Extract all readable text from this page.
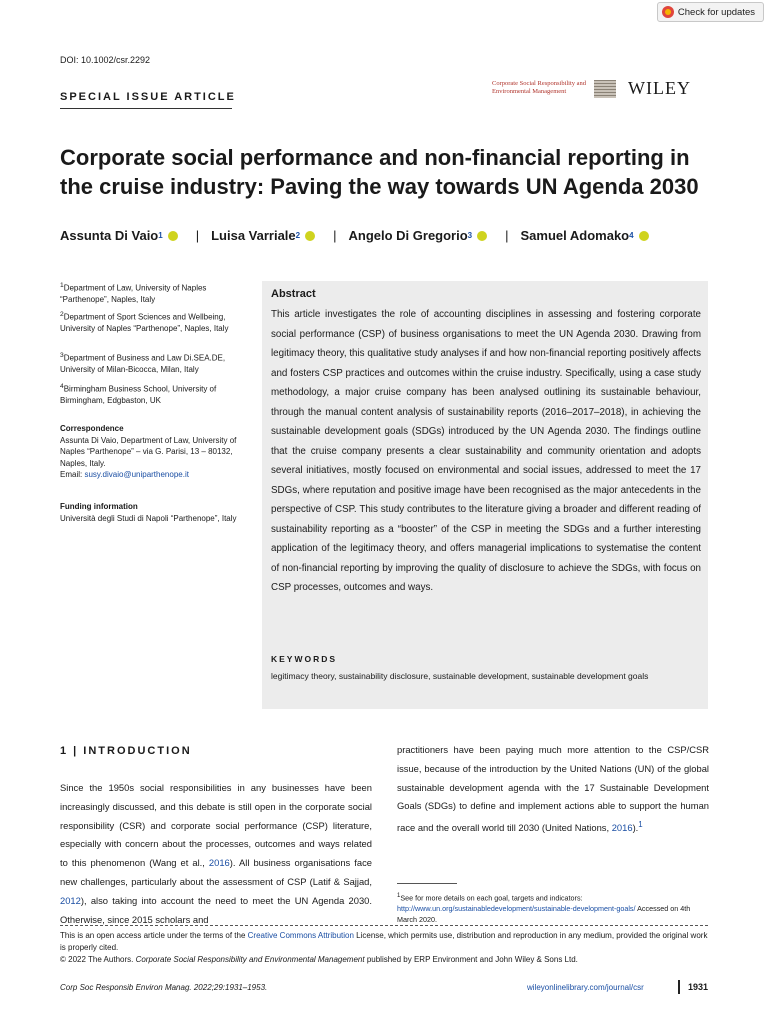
DOI: 10.1002/csr.2292
Check for updates
SPECIAL ISSUE ARTICLE
Corporate Social Responsibility and Environmental Management	WILEY
Corporate social performance and non-financial reporting in the cruise industry: Paving the way towards UN Agenda 2030
Assunta Di Vaio 1	| Luisa Varriale 2	| Angelo Di Gregorio 3	| Samuel Adomako 4
$^1$Department of Law, University of Naples “Parthenope”, Naples, Italy
$^2$Department of Sport Sciences and Wellbeing, University of Naples “Parthenope”, Naples, Italy
$^3$Department of Business and Law Di.SEA.DE, University of Milan-Bicocca, Milan, Italy
$^4$Birmingham Business School, University of Birmingham, Edgbaston, UK
Correspondence
Assunta Di Vaio, Department of Law, University of Naples “Parthenope” – via G. Parisi, 13 – 80132, Naples, Italy.
Email: susy.divaio@uniparthenope.it
Funding information
Università degli Studi di Napoli “Parthenope”, Italy
Abstract
This article investigates the role of accounting disciplines in assessing and fostering corporate social performance (CSP) of business organisations to meet the UN Agenda 2030. Drawing from legitimacy theory, this qualitative study analyses if and how non-financial reporting positively affects and fosters CSP practices and outcomes within the cruise industry. Specifically, using a case study methodology, a major cruise company has been analysed outlining its sustainable behaviour, through the manual content analysis of sustainability reports (2016–2017–2018), in achieving the sustainable development goals (SDGs) introduced by the UN Agenda 2030. The findings outline that the cruise company presents a clear sustainability and community orientation and adopts several initiatives, mostly focused on environmental and social issues, addressed to meet the 17 SDGs, where reputation and positive image have been recognised as the major antecedents in the perspective of CSP. This study contributes to the literature giving a broader and different reading of sustainability reporting as a “booster” of the CSP in meeting the SDGs and a further interesting application of the legitimacy theory, and offers managerial implications to systematise the content of non-financial reporting by improving the quality of disclosure to achieve the SDGs, with focus on CSP processes, outcomes and ways.
KEYWORDS
legitimacy theory, sustainability disclosure, sustainable development, sustainable development goals
1 | INTRODUCTION
Since the 1950s social responsibilities in any businesses have been increasingly discussed, and this debate is still open in the corporate social responsibility (CSR) and corporate social performance (CSP) literature, especially with concern about the processes, outcomes and ways related to this phenomenon (Wang et al., 2016). All business organisations face new challenges, particularly about the assessment of CSP (Latif & Sajjad, 2012), also taking into account the need to meet the UN Agenda 2030. Otherwise, since 2015 scholars and
practitioners have been paying much more attention to the CSP/CSR issue, because of the introduction by the United Nations (UN) of the global sustainable development agenda with the 17 Sustainable Development Goals (SDGs) to define and implement actions able to support the human race and the overall world till 2030 (United Nations, 2016).$^1$
$^1$See for more details on each goal, targets and indicators: http://www.un.org/sustainabledevelopment/sustainable-development-goals/ Accessed on 4th March 2020.
This is an open access article under the terms of the Creative Commons Attribution License, which permits use, distribution and reproduction in any medium, provided the original work is properly cited.
© 2022 The Authors. Corporate Social Responsibility and Environmental Management published by ERP Environment and John Wiley & Sons Ltd.
Corp Soc Responsib Environ Manag. 2022;29:1931–1953.	wileyonlinelibrary.com/journal/csr	1931
